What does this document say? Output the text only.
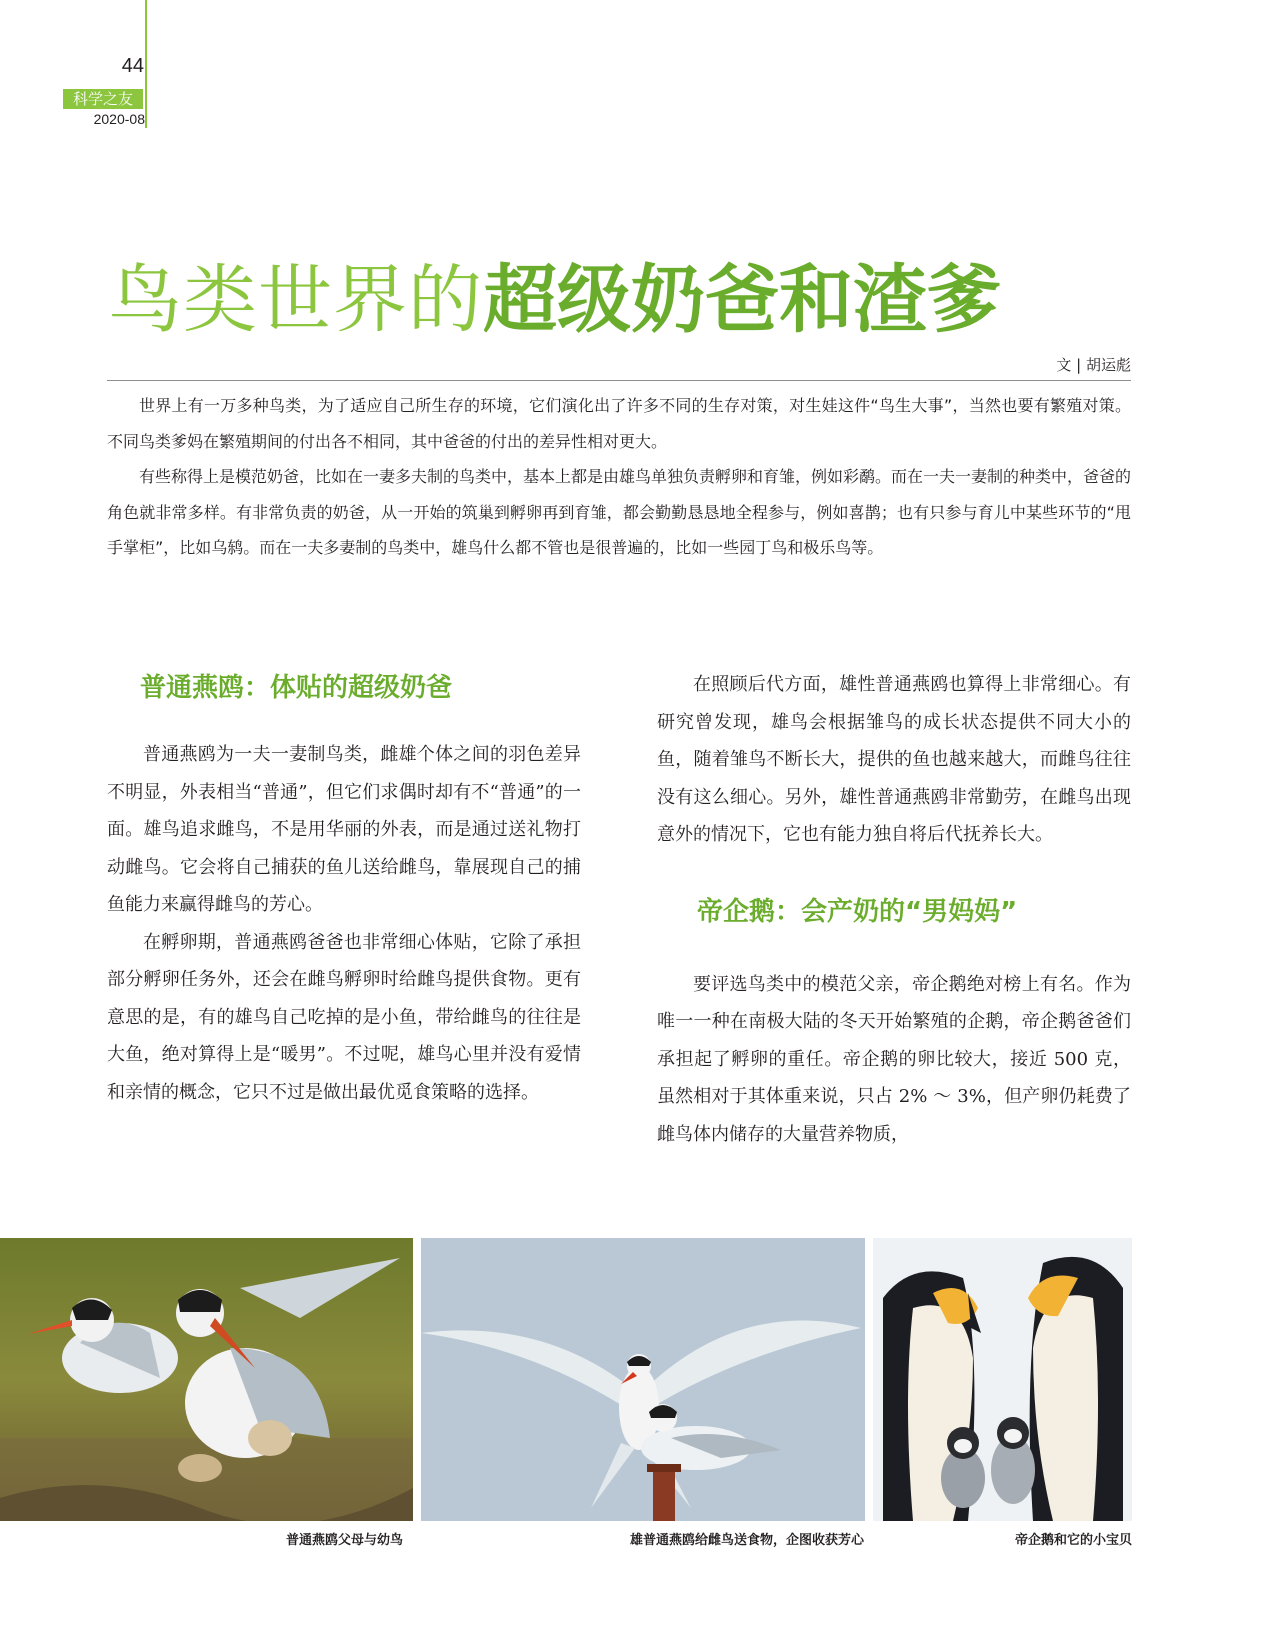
44
科学之友
2020-08
鸟类世界的超级奶爸和渣爹
文 | 胡运彪

世界上有一万多种鸟类，为了适应自己所生存的环境，它们演化出了许多不同的生存对策，对生娃这件“鸟生大事”，当然也要有繁殖对策。不同鸟类爹妈在繁殖期间的付出各不相同，其中爸爸的付出的差异性相对更大。

有些称得上是模范奶爸，比如在一妻多夫制的鸟类中，基本上都是由雄鸟单独负责孵卵和育雏，例如彩鹬。而在一夫一妻制的种类中，爸爸的角色就非常多样。有非常负责的奶爸，从一开始的筑巢到孵卵再到育雏，都会勤勤恳恳地全程参与，例如喜鹊；也有只参与育儿中某些环节的“甩手掌柜”，比如乌鸫。而在一夫多妻制的鸟类中，雄鸟什么都不管也是很普遍的，比如一些园丁鸟和极乐鸟等。

普通燕鸥：体贴的超级奶爸

普通燕鸥为一夫一妻制鸟类，雌雄个体之间的羽色差异不明显，外表相当“普通”，但它们求偶时却有不“普通”的一面。雄鸟追求雌鸟，不是用华丽的外表，而是通过送礼物打动雌鸟。它会将自己捕获的鱼儿送给雌鸟，靠展现自己的捕鱼能力来赢得雌鸟的芳心。

在孵卵期，普通燕鸥爸爸也非常细心体贴，它除了承担部分孵卵任务外，还会在雌鸟孵卵时给雌鸟提供食物。更有意思的是，有的雄鸟自己吃掉的是小鱼，带给雌鸟的往往是大鱼，绝对算得上是“暖男”。不过呢，雄鸟心里并没有爱情和亲情的概念，它只不过是做出最优觅食策略的选择。

在照顾后代方面，雄性普通燕鸥也算得上非常细心。有研究曾发现，雄鸟会根据雏鸟的成长状态提供不同大小的鱼，随着雏鸟不断长大，提供的鱼也越来越大，而雌鸟往往没有这么细心。另外，雄性普通燕鸥非常勤劳，在雌鸟出现意外的情况下，它也有能力独自将后代抚养长大。

帝企鹅：会产奶的“男妈妈”

要评选鸟类中的模范父亲，帝企鹅绝对榜上有名。作为唯一一种在南极大陆的冬天开始繁殖的企鹅，帝企鹅爸爸们承担起了孵卵的重任。帝企鹅的卵比较大，接近 500 克，虽然相对于其体重来说，只占 2% ～ 3%，但产卵仍耗费了雌鸟体内储存的大量营养物质，

普通燕鸥父母与幼鸟	雄普通燕鸥给雌鸟送食物，企图收获芳心	帝企鹅和它的小宝贝
